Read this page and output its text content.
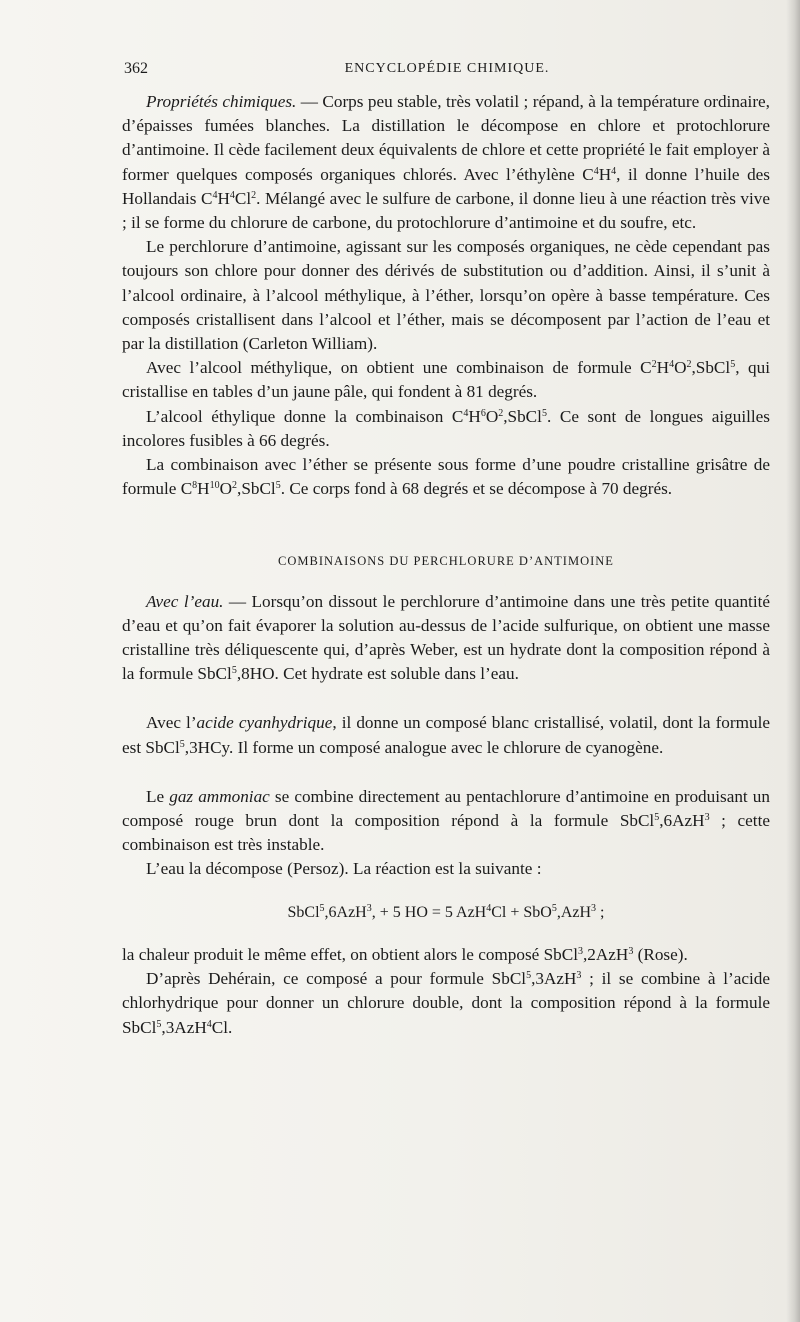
362	ENCYCLOPÉDIE CHIMIQUE.

Propriétés chimiques. — Corps peu stable, très volatil ; répand, à la température ordinaire, d’épaisses fumées blanches. La distillation le décompose en chlore et protochlorure d’antimoine. Il cède facilement deux équivalents de chlore et cette propriété le fait employer à former quelques composés organiques chlorés. Avec l’éthylène $C^4H^4$, il donne l’huile des Hollandais $C^4H^4Cl^2$. Mélangé avec le sulfure de carbone, il donne lieu à une réaction très vive ; il se forme du chlorure de carbone, du protochlorure d’antimoine et du soufre, etc.

Le perchlorure d’antimoine, agissant sur les composés organiques, ne cède cependant pas toujours son chlore pour donner des dérivés de substitution ou d’addition. Ainsi, il s’unit à l’alcool ordinaire, à l’alcool méthylique, à l’éther, lorsqu’on opère à basse température. Ces composés cristallisent dans l’alcool et l’éther, mais se décomposent par l’action de l’eau et par la distillation (Carleton William).

Avec l’alcool méthylique, on obtient une combinaison de formule $C^2H^4O^2,SbCl^5$, qui cristallise en tables d’un jaune pâle, qui fondent à 81 degrés.

L’alcool éthylique donne la combinaison $C^4H^6O^2,SbCl^5$. Ce sont de longues aiguilles incolores fusibles à 66 degrés.

La combinaison avec l’éther se présente sous forme d’une poudre cristalline grisâtre de formule $C^8H^{10}O^2,SbCl^5$. Ce corps fond à 68 degrés et se décompose à 70 degrés.

COMBINAISONS DU PERCHLORURE D’ANTIMOINE

Avec l’eau. — Lorsqu’on dissout le perchlorure d’antimoine dans une très petite quantité d’eau et qu’on fait évaporer la solution au-dessus de l’acide sulfurique, on obtient une masse cristalline très déliquescente qui, d’après Weber, est un hydrate dont la composition répond à la formule SbCl$^5$,8HO. Cet hydrate est soluble dans l’eau.

Avec l’acide cyanhydrique, il donne un composé blanc cristallisé, volatil, dont la formule est SbCl$^5$,3HCy. Il forme un composé analogue avec le chlorure de cyanogène.

Le gaz ammoniac se combine directement au pentachlorure d’antimoine en produisant un composé rouge brun dont la composition répond à la formule SbCl$^5$,6AzH$^3$ ; cette combinaison est très instable.

L’eau la décompose (Persoz). La réaction est la suivante :

SbCl$^5$,6AzH$^3$, + 5 HO = 5 AzH$^4$Cl + SbO$^5$,AzH$^3$ ;

la chaleur produit le même effet, on obtient alors le composé SbCl$^3$,2AzH$^3$ (Rose).

D’après Dehérain, ce composé a pour formule SbCl$^5$,3AzH$^3$ ; il se combine à l’acide chlorhydrique pour donner un chlorure double, dont la composition répond à la formule SbCl$^5$,3AzH$^4$Cl.
